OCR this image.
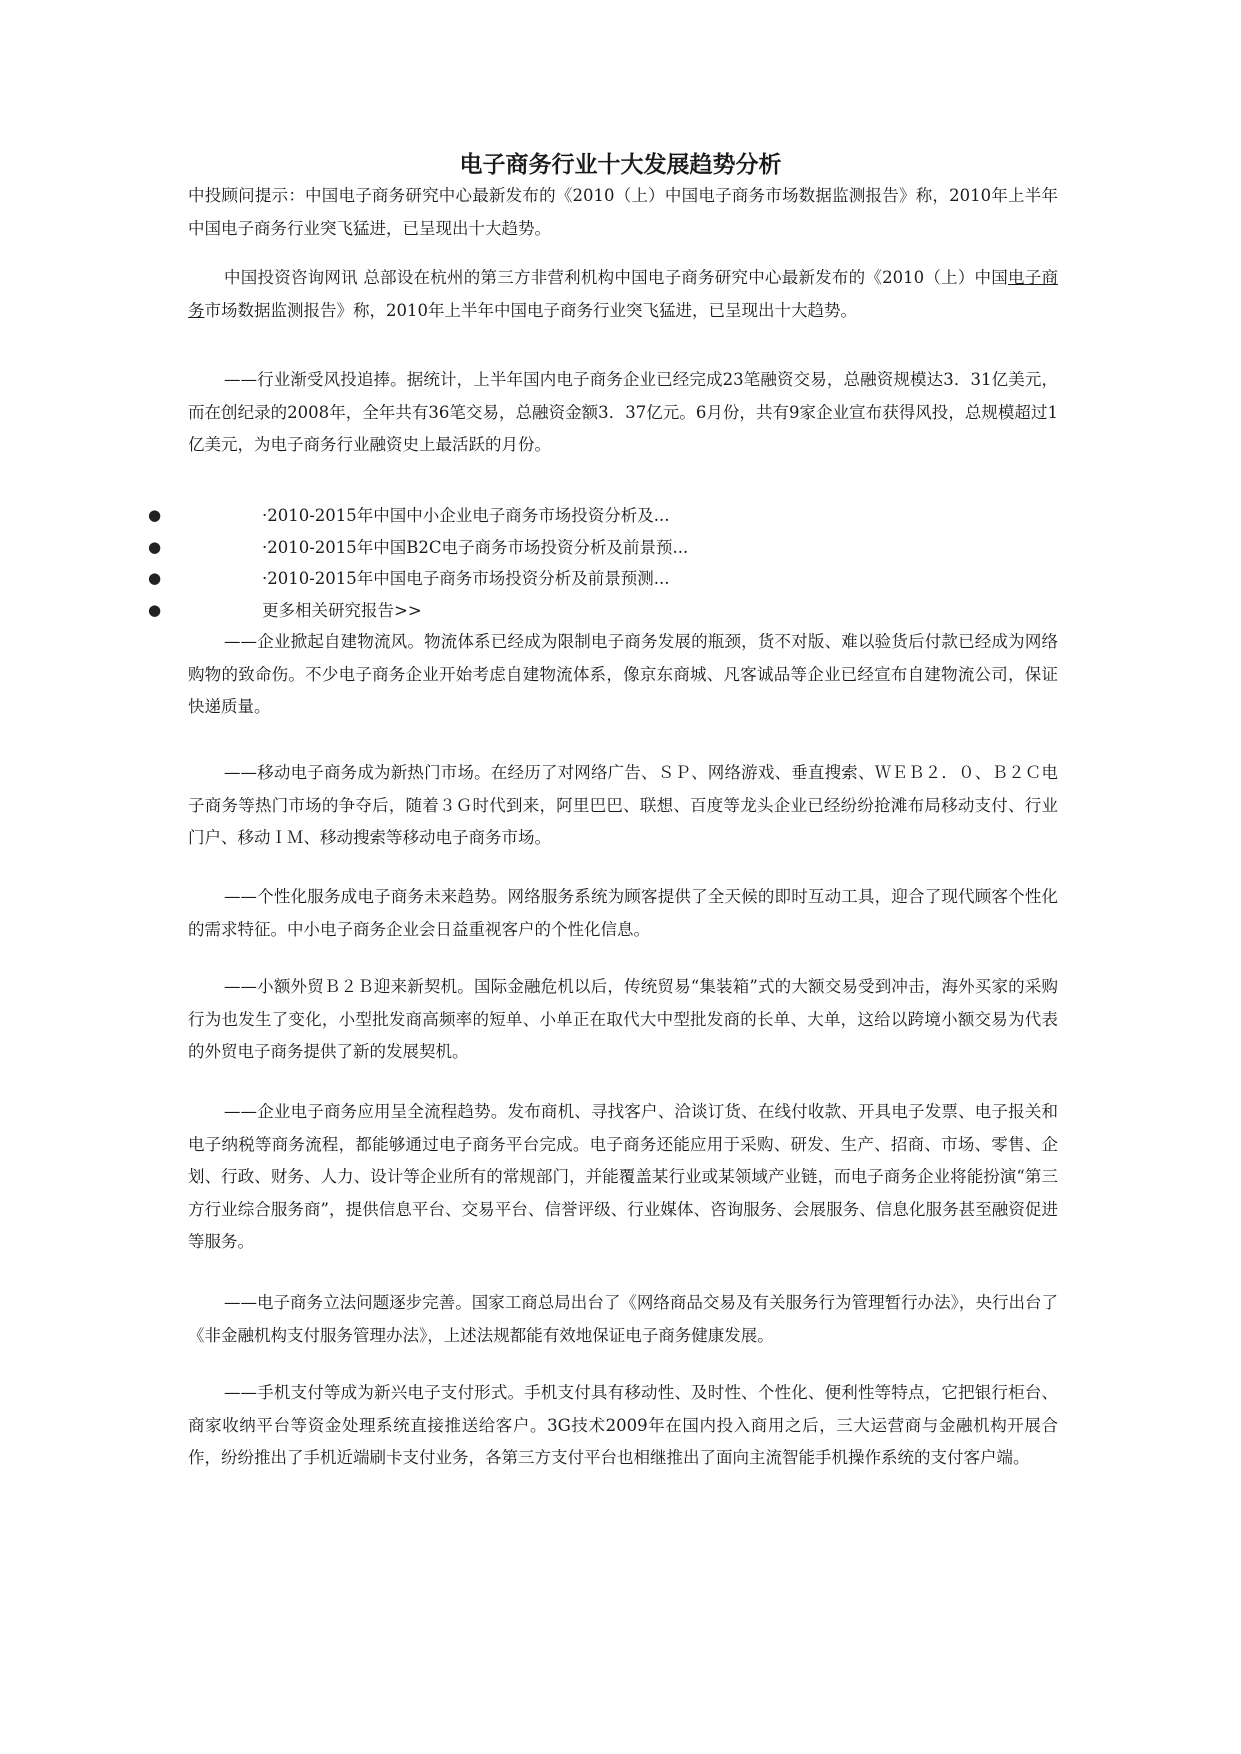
电子商务行业十大发展趋势分析

中投顾问提示：中国电子商务研究中心最新发布的《2010（上）中国电子商务市场数据监测报告》称，2010年上半年中国电子商务行业突飞猛进，已呈现出十大趋势。

中国投资咨询网讯 总部设在杭州的第三方非营利机构中国电子商务研究中心最新发布的《2010（上）中国电子商务市场数据监测报告》称，2010年上半年中国电子商务行业突飞猛进，已呈现出十大趋势。

——行业渐受风投追捧。据统计，上半年国内电子商务企业已经完成23笔融资交易，总融资规模达3．31亿美元，而在创纪录的2008年，全年共有36笔交易，总融资金额3．37亿元。6月份，共有9家企业宣布获得风投，总规模超过1亿美元，为电子商务行业融资史上最活跃的月份。

●	·2010-2015年中国中小企业电子商务市场投资分析及...
●	·2010-2015年中国B2C电子商务市场投资分析及前景预...
●	·2010-2015年中国电子商务市场投资分析及前景预测...
●	更多相关研究报告>>

——企业掀起自建物流风。物流体系已经成为限制电子商务发展的瓶颈，货不对版、难以验货后付款已经成为网络购物的致命伤。不少电子商务企业开始考虑自建物流体系，像京东商城、凡客诚品等企业已经宣布自建物流公司，保证快递质量。

——移动电子商务成为新热门市场。在经历了对网络广告、ＳＰ、网络游戏、垂直搜索、ＷＥＢ２．０、Ｂ２Ｃ电子商务等热门市场的争夺后，随着３Ｇ时代到来，阿里巴巴、联想、百度等龙头企业已经纷纷抢滩布局移动支付、行业门户、移动ＩＭ、移动搜索等移动电子商务市场。

——个性化服务成电子商务未来趋势。网络服务系统为顾客提供了全天候的即时互动工具，迎合了现代顾客个性化的需求特征。中小电子商务企业会日益重视客户的个性化信息。

——小额外贸Ｂ２Ｂ迎来新契机。国际金融危机以后，传统贸易“集装箱”式的大额交易受到冲击，海外买家的采购行为也发生了变化，小型批发商高频率的短单、小单正在取代大中型批发商的长单、大单，这给以跨境小额交易为代表的外贸电子商务提供了新的发展契机。

——企业电子商务应用呈全流程趋势。发布商机、寻找客户、洽谈订货、在线付收款、开具电子发票、电子报关和电子纳税等商务流程，都能够通过电子商务平台完成。电子商务还能应用于采购、研发、生产、招商、市场、零售、企划、行政、财务、人力、设计等企业所有的常规部门，并能覆盖某行业或某领域产业链，而电子商务企业将能扮演“第三方行业综合服务商”，提供信息平台、交易平台、信誉评级、行业媒体、咨询服务、会展服务、信息化服务甚至融资促进等服务。

——电子商务立法问题逐步完善。国家工商总局出台了《网络商品交易及有关服务行为管理暂行办法》，央行出台了《非金融机构支付服务管理办法》，上述法规都能有效地保证电子商务健康发展。

——手机支付等成为新兴电子支付形式。手机支付具有移动性、及时性、个性化、便利性等特点，它把银行柜台、商家收纳平台等资金处理系统直接推送给客户。3G技术2009年在国内投入商用之后，三大运营商与金融机构开展合作，纷纷推出了手机近端刷卡支付业务，各第三方支付平台也相继推出了面向主流智能手机操作系统的支付客户端。
